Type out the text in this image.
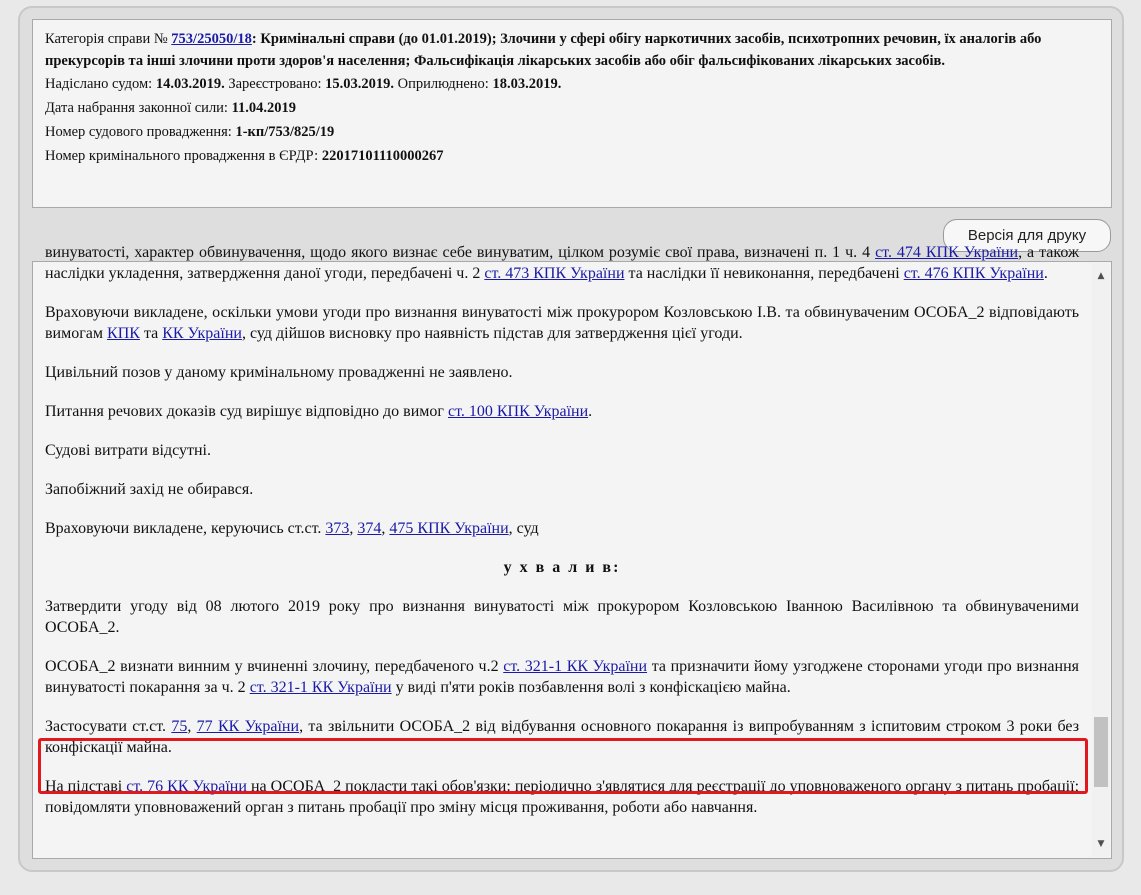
Категорія справи № 753/25050/18: Кримінальні справи (до 01.01.2019); Злочини у сфері обігу наркотичних засобів, психотропних речовин, їх аналогів або прекурсорів та інші злочини проти здоров'я населення; Фальсифікація лікарських засобів або обіг фальсифікованих лікарських засобів.
Надіслано судом: 14.03.2019. Зареєстровано: 15.03.2019. Оприлюднено: 18.03.2019.
Дата набрання законної сили: 11.04.2019
Номер судового провадження: 1-кп/753/825/19
Номер кримінального провадження в ЄРДР: 22017101110000267
Версія для друку

винуватості, характер обвинувачення, щодо якого визнає себе винуватим, цілком розуміє свої права, визначені п. 1 ч. 4 ст. 474 КПК України, а також наслідки укладення, затвердження даної угоди, передбачені ч. 2 ст. 473 КПК України та наслідки її невиконання, передбачені ст. 476 КПК України.

Враховуючи викладене, оскільки умови угоди про визнання винуватості між прокурором Козловською І.В. та обвинуваченим ОСОБА_2 відповідають вимогам КПК та КК України, суд дійшов висновку про наявність підстав для затвердження цієї угоди.

Цивільний позов у даному кримінальному провадженні не заявлено.

Питання речових доказів суд вирішує відповідно до вимог ст. 100 КПК України.

Судові витрати відсутні.

Запобіжний захід не обирався.

Враховуючи викладене, керуючись ст.ст. 373, 374, 475 КПК України, суд

у х в а л и в:

Затвердити угоду від 08 лютого 2019 року про визнання винуватості між прокурором Козловською Іванною Василівною та обвинуваченими ОСОБА_2.

ОСОБА_2 визнати винним у вчиненні злочину, передбаченого ч.2 ст. 321-1 КК України та призначити йому узгоджене сторонами угоди про визнання винуватості покарання за ч. 2 ст. 321-1 КК України у виді п'яти років позбавлення волі з конфіскацією майна.

Застосувати ст.ст. 75, 77 КК України, та звільнити ОСОБА_2 від відбування основного покарання із випробуванням з іспитовим строком 3 роки без конфіскації майна.

На підставі ст. 76 КК України на ОСОБА_2 покласти такі обов'язки: періодично з'являтися для реєстрації до уповноваженого органу з питань пробації; повідомляти уповноважений орган з питань пробації про зміну місця проживання, роботи або навчання.

▲
▼
